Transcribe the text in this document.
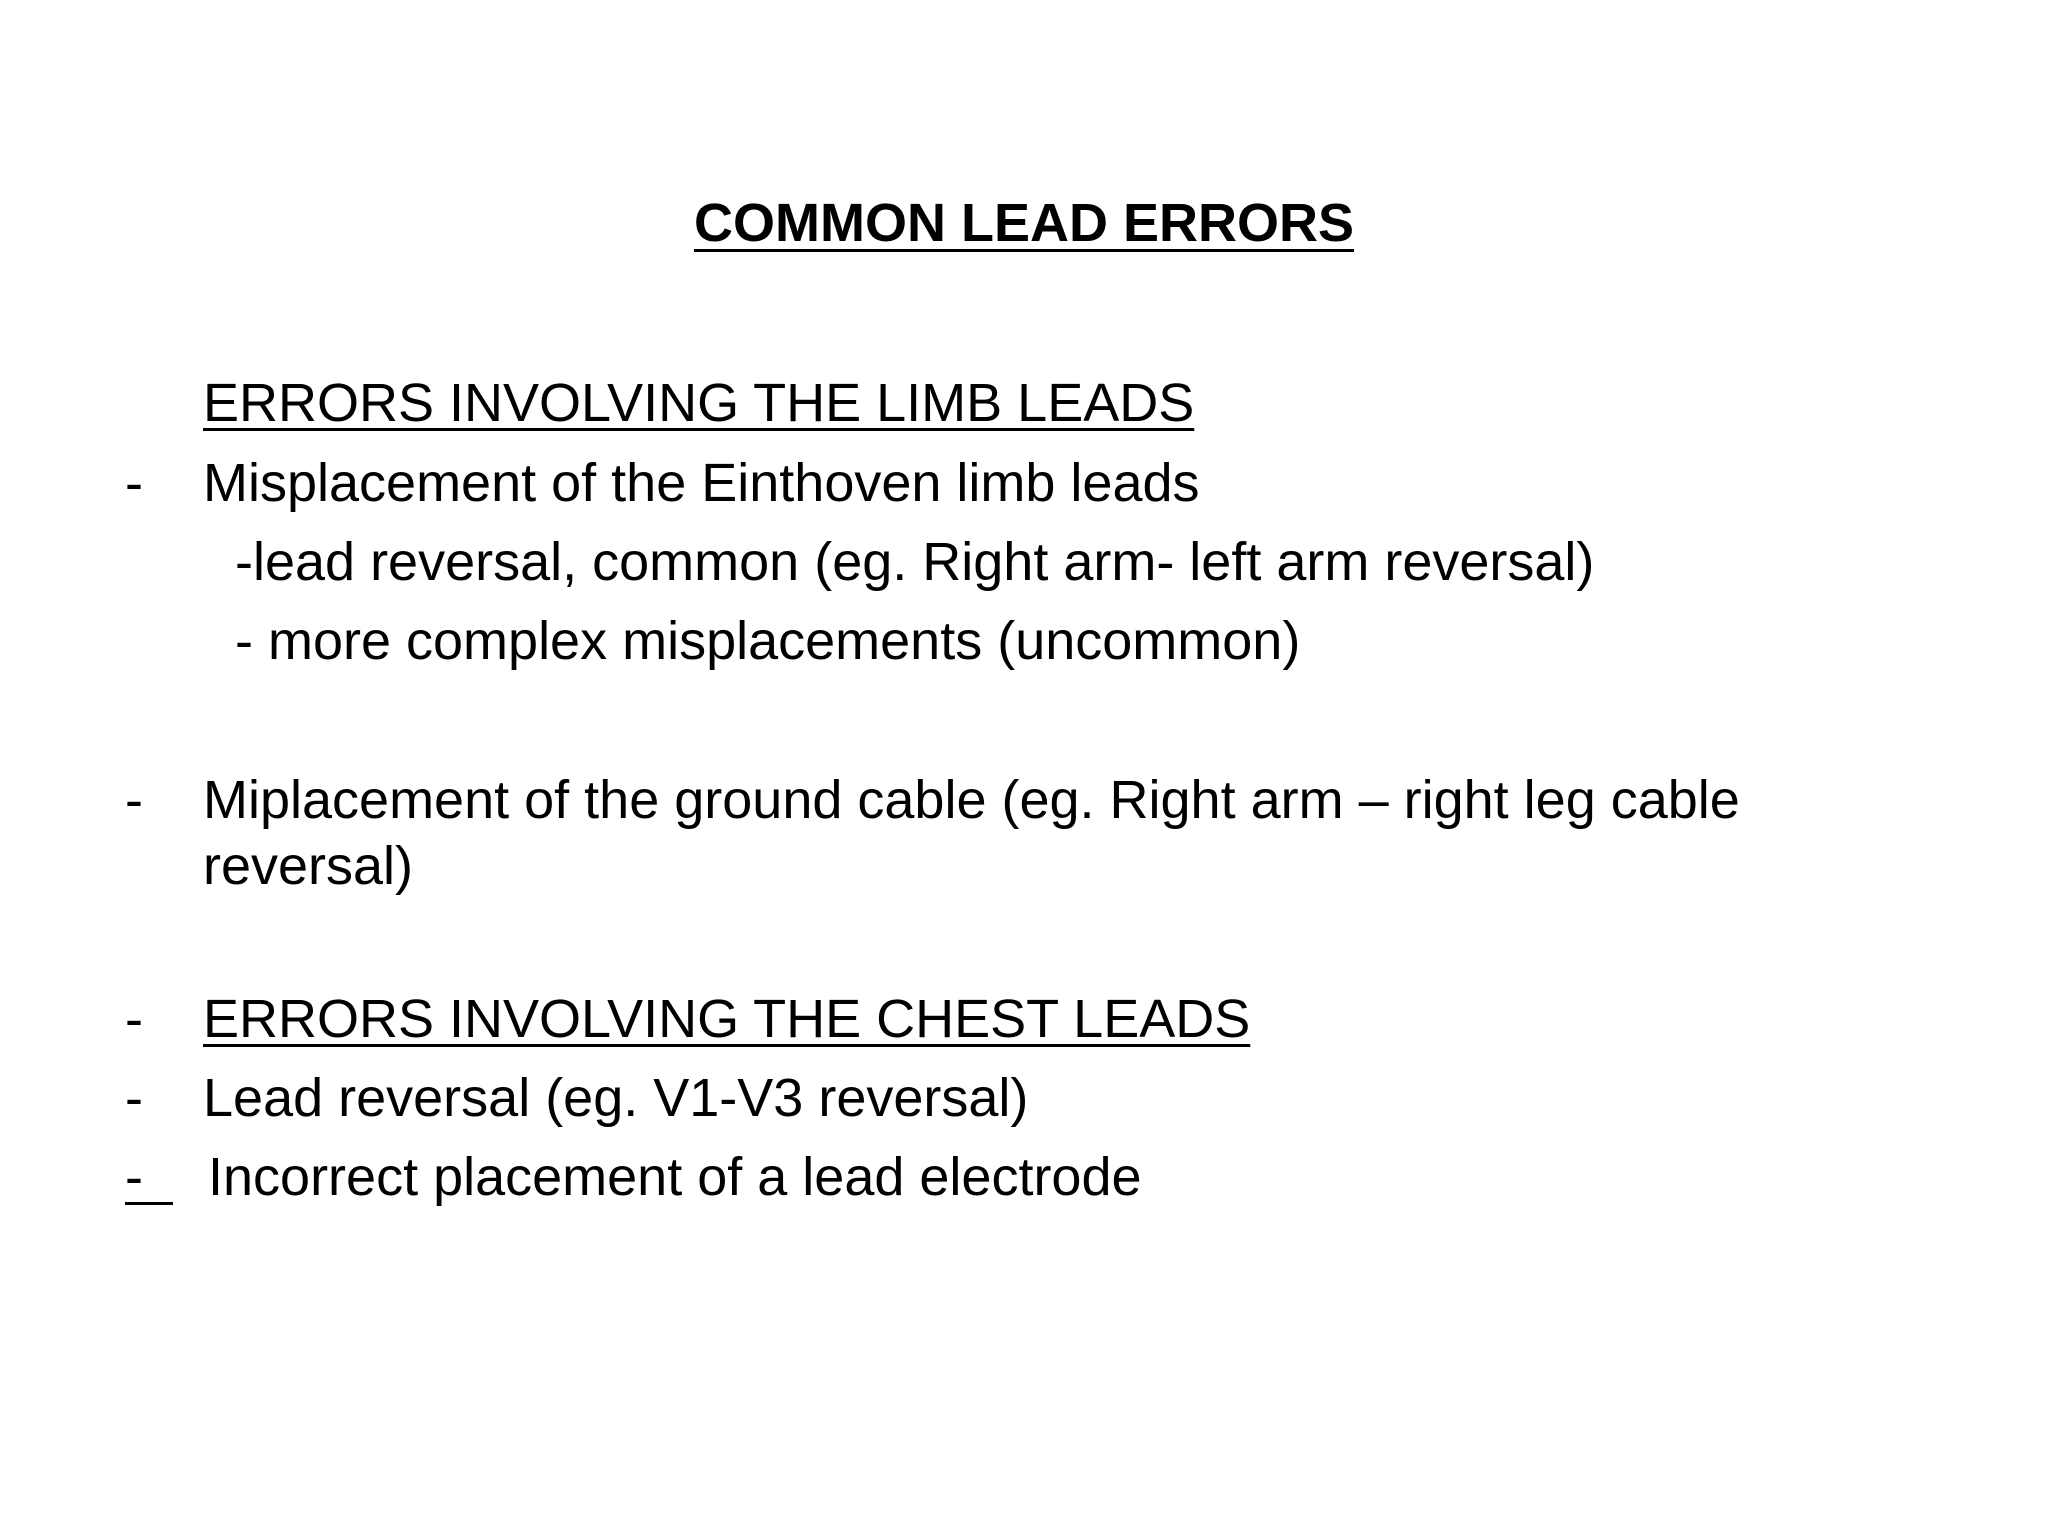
COMMON LEAD ERRORS
ERRORS INVOLVING THE LIMB LEADS
- Misplacement of the Einthoven limb leads
-lead reversal, common (eg. Right arm- left arm reversal)
- more complex misplacements (uncommon)
- Miplacement of the ground cable (eg. Right arm – right leg cable
reversal)
- ERRORS INVOLVING THE CHEST LEADS
- Lead reversal (eg. V1-V3 reversal)
- Incorrect placement of a lead electrode
